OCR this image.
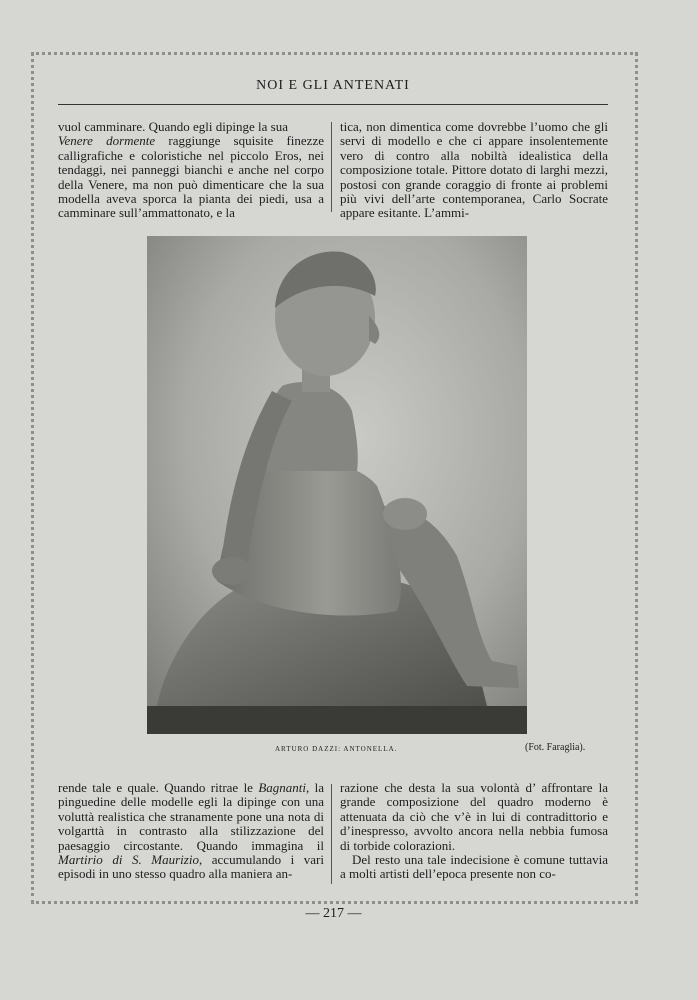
NOI E GLI ANTENATI

vuol camminare. Quando egli dipinge la sua
Venere dormente raggiunge squisite finezze calligrafiche e coloristiche nel piccolo Eros, nei tendaggi, nei panneggi bianchi e anche nel corpo della Venere, ma non può dimenticare che la sua modella aveva sporca la pianta dei piedi, usa a camminare sull’ammattonato, e la

tica, non dimentica come dovrebbe l’uomo che gli servi di modello e che ci appare insolentemente vero di contro alla nobiltà idealistica della composizione totale. Pittore dotato di larghi mezzi, postosi con grande coraggio di fronte ai problemi più vivi dell’arte contemporanea, Carlo Socrate appare esitante. L’ammi-

ARTURO DAZZI: ANTONELLA.	(Fot. Faraglia).

rende tale e quale. Quando ritrae le Bagnanti, la pinguedine delle modelle egli la dipinge con una voluttà realistica che stranamente pone una nota di volgarttà in contrasto alla stilizzazione del paesaggio circostante. Quando immagina il Martirio di S. Maurizio, accumulando i vari episodi in uno stesso quadro alla maniera an-

razione che desta la sua volontà d’ affrontare la grande composizione del quadro moderno è attenuata da ciò che v’è in lui di contradittorio e d’inespresso, avvolto ancora nella nebbia fumosa di torbide colorazioni.
Del resto una tale indecisione è comune tuttavia a molti artisti dell’epoca presente non co-
— 217 —
